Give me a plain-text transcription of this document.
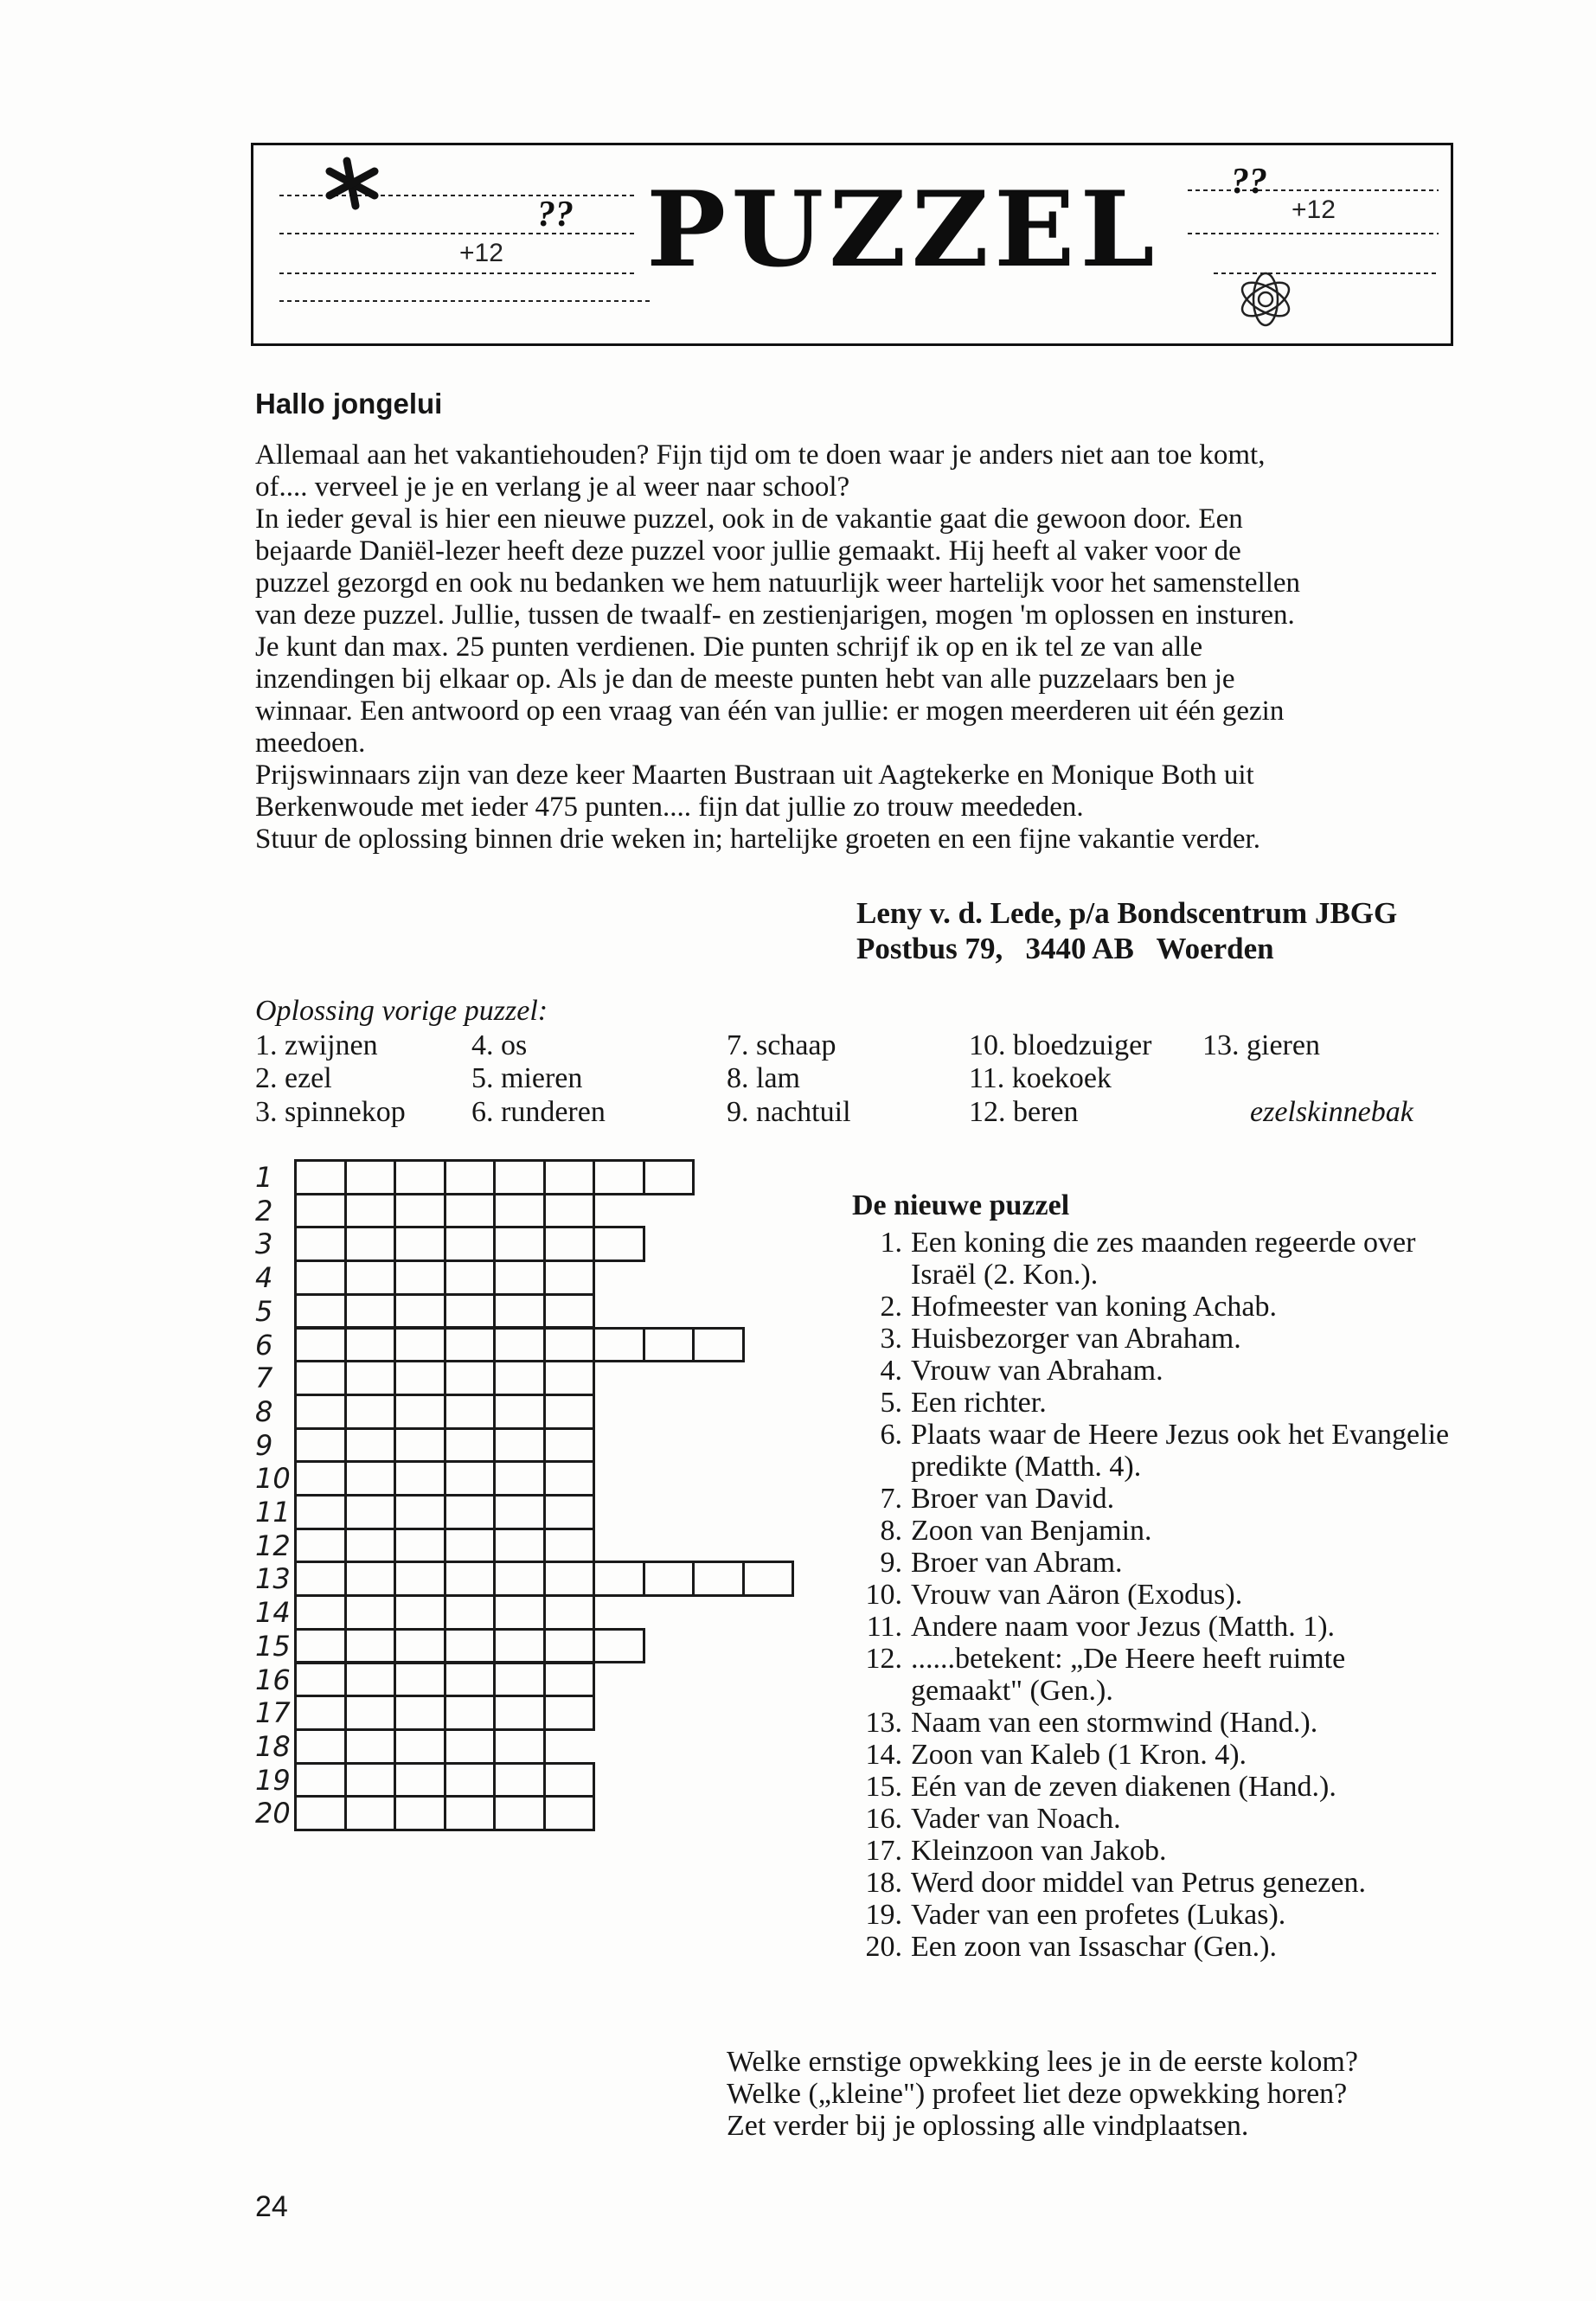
+12
?? PUZZEL ??
+12
Hallo jongelui
Allemaal aan het vakantiehouden? Fijn tijd om te doen waar je anders niet aan toe komt,
of.... verveel je je en verlang je al weer naar school?
In ieder geval is hier een nieuwe puzzel, ook in de vakantie gaat die gewoon door. Een
bejaarde Daniël-lezer heeft deze puzzel voor jullie gemaakt. Hij heeft al vaker voor de
puzzel gezorgd en ook nu bedanken we hem natuurlijk weer hartelijk voor het samenstellen
van deze puzzel. Jullie, tussen de twaalf- en zestienjarigen, mogen 'm oplossen en insturen.
Je kunt dan max. 25 punten verdienen. Die punten schrijf ik op en ik tel ze van alle
inzendingen bij elkaar op. Als je dan de meeste punten hebt van alle puzzelaars ben je
winnaar. Een antwoord op een vraag van één van jullie: er mogen meerderen uit één gezin
meedoen.
Prijswinnaars zijn van deze keer Maarten Bustraan uit Aagtekerke en Monique Both uit
Berkenwoude met ieder 475 punten.... fijn dat jullie zo trouw meededen.
Stuur de oplossing binnen drie weken in; hartelijke groeten en een fijne vakantie verder.
Leny v. d. Lede, p/a Bondscentrum JBGG
Postbus 79,   3440 AB   Woerden
Oplossing vorige puzzel:
1. zwijnen
2. ezel
3. spinnekop
4. os
5. mieren
6. runderen
7. schaap
8. lam
9. nachtuil
10. bloedzuiger
11. koekoek
12. beren
13. gieren
ezelskinnebak
1
2
3
4
5
6
7
8
9
10
11
12
13
14
15
16
17
18
19
20
De nieuwe puzzel
1. Een koning die zes maanden regeerde over Israël (2. Kon.).
2. Hofmeester van koning Achab.
3. Huisbezorger van Abraham.
4. Vrouw van Abraham.
5. Een richter.
6. Plaats waar de Heere Jezus ook het Evangelie predikte (Matth. 4).
7. Broer van David.
8. Zoon van Benjamin.
9. Broer van Abram.
10. Vrouw van Aäron (Exodus).
11. Andere naam voor Jezus (Matth. 1).
12. ......betekent: „De Heere heeft ruimte gemaakt" (Gen.).
13. Naam van een stormwind (Hand.).
14. Zoon van Kaleb (1 Kron. 4).
15. Eén van de zeven diakenen (Hand.).
16. Vader van Noach.
17. Kleinzoon van Jakob.
18. Werd door middel van Petrus genezen.
19. Vader van een profetes (Lukas).
20. Een zoon van Issaschar (Gen.).
Welke ernstige opwekking lees je in de eerste kolom?
Welke („kleine") profeet liet deze opwekking horen?
Zet verder bij je oplossing alle vindplaatsen.
24
